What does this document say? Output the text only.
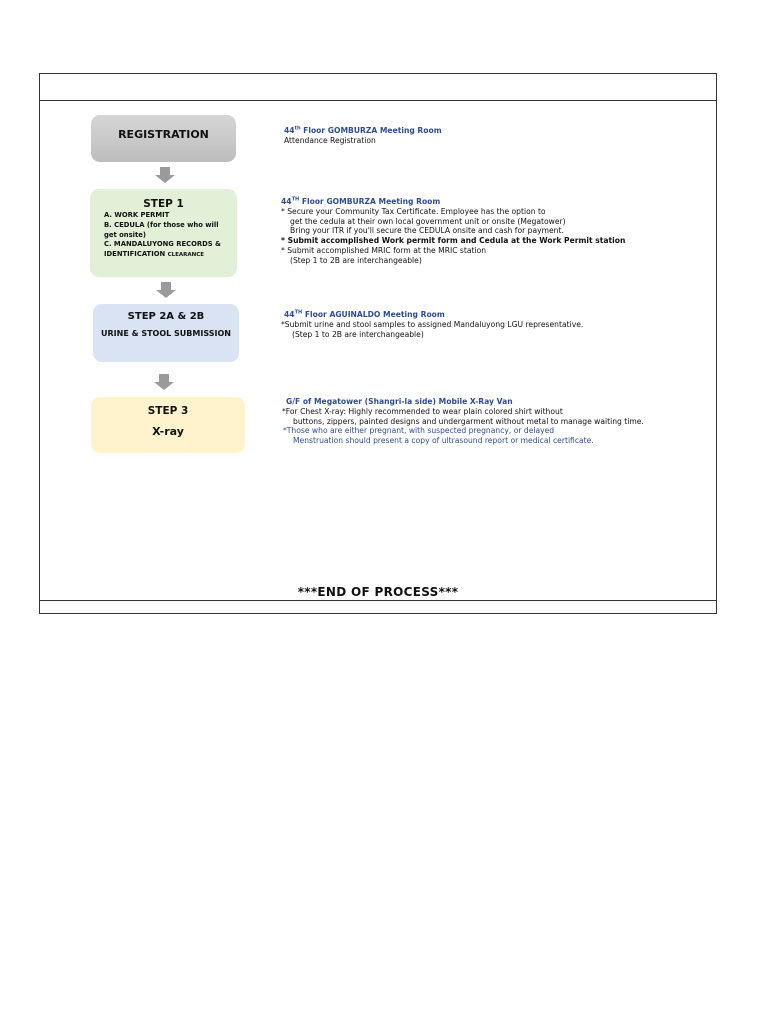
REGISTRATION	44th Floor GOMBURZA Meeting Room
Attendance Registration
STEP 1
A. WORK PERMIT
B. CEDULA (for those who will get onsite)
C. MANDALUYONG RECORDS & IDENTIFICATION CLEARANCE
44TH Floor GOMBURZA Meeting Room
* Secure your Community Tax Certificate. Employee has the option to
get the cedula at their own local government unit or onsite (Megatower)
Bring your ITR if you'll secure the CEDULA onsite and cash for payment.
* Submit accomplished Work permit form and Cedula at the Work Permit station
* Submit accomplished MRIC form at the MRIC station
(Step 1 to 2B are interchangeable)
STEP 2A & 2B
URINE & STOOL SUBMISSION
44TH Floor AGUINALDO Meeting Room
*Submit urine and stool samples to assigned Mandaluyong LGU representative.
(Step 1 to 2B are interchangeable)
STEP 3
X-ray
G/F of Megatower (Shangri-la side) Mobile X-Ray Van
*For Chest X-ray: Highly recommended to wear plain colored shirt without
buttons, zippers, painted designs and undergarment without metal to manage waiting time.
*Those who are either pregnant, with suspected pregnancy, or delayed
Menstruation should present a copy of ultrasound report or medical certificate.
***END OF PROCESS***
